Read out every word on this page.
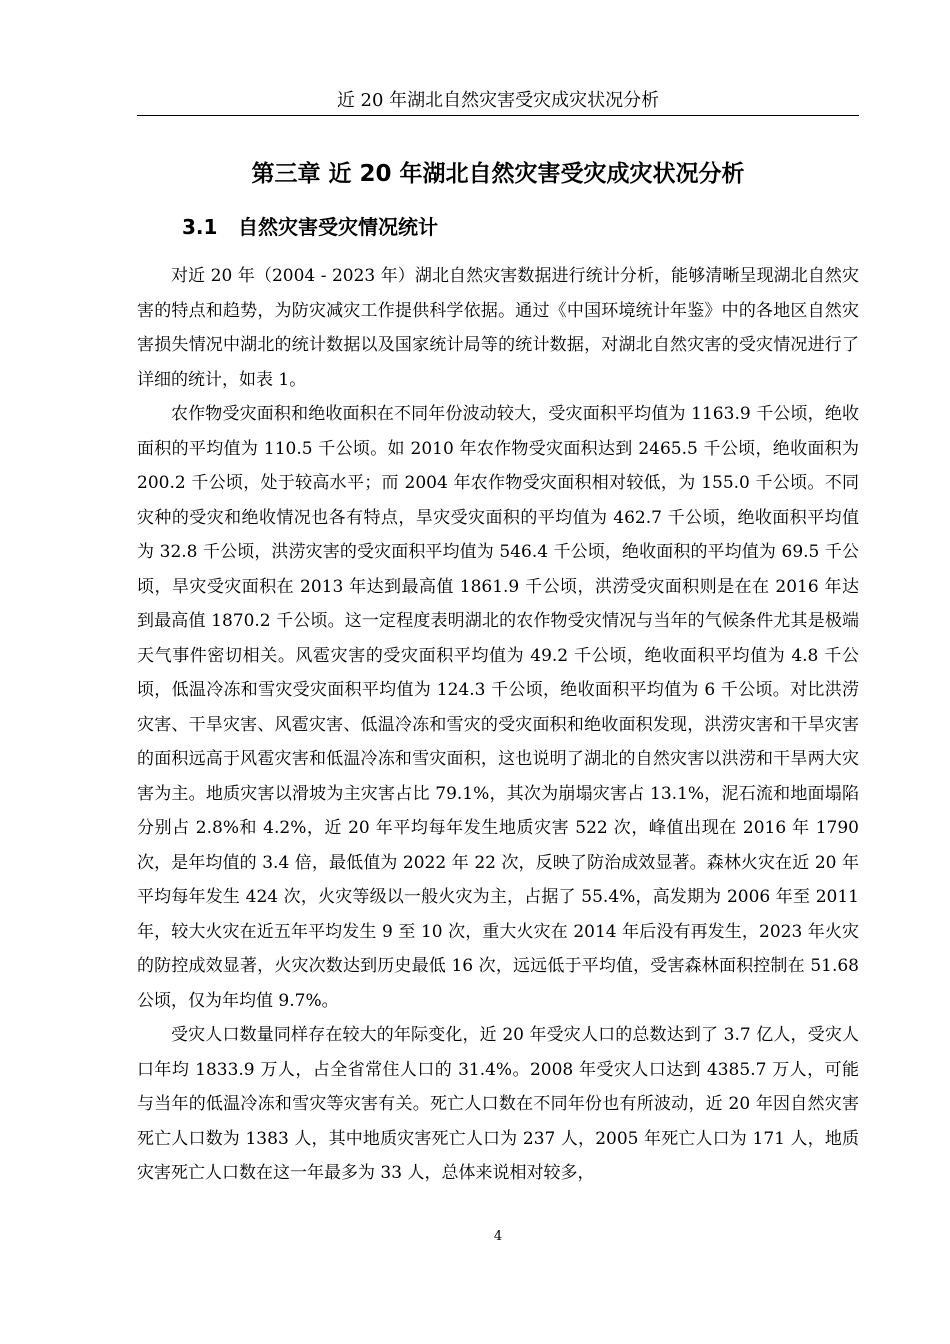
近 20 年湖北自然灾害受灾成灾状况分析
第三章 近 20 年湖北自然灾害受灾成灾状况分析
3.1 自然灾害受灾情况统计

对近 20 年（2004 - 2023 年）湖北自然灾害数据进行统计分析，能够清晰呈现湖北自然灾害的特点和趋势，为防灾减灾工作提供科学依据。通过《中国环境统计年鉴》中的各地区自然灾害损失情况中湖北的统计数据以及国家统计局等的统计数据，对湖北自然灾害的受灾情况进行了详细的统计，如表 1。

农作物受灾面积和绝收面积在不同年份波动较大，受灾面积平均值为 1163.9 千公顷，绝收面积的平均值为 110.5 千公顷。如 2010 年农作物受灾面积达到 2465.5 千公顷，绝收面积为 200.2 千公顷，处于较高水平；而 2004 年农作物受灾面积相对较低，为 155.0 千公顷。不同灾种的受灾和绝收情况也各有特点，旱灾受灾面积的平均值为 462.7 千公顷，绝收面积平均值为 32.8 千公顷，洪涝灾害的受灾面积平均值为 546.4 千公顷，绝收面积的平均值为 69.5 千公顷，旱灾受灾面积在 2013 年达到最高值 1861.9 千公顷，洪涝受灾面积则是在在 2016 年达到最高值 1870.2 千公顷。这一定程度表明湖北的农作物受灾情况与当年的气候条件尤其是极端天气事件密切相关。风雹灾害的受灾面积平均值为 49.2 千公顷，绝收面积平均值为 4.8 千公顷，低温冷冻和雪灾受灾面积平均值为 124.3 千公顷，绝收面积平均值为 6 千公顷。对比洪涝灾害、干旱灾害、风雹灾害、低温冷冻和雪灾的受灾面积和绝收面积发现，洪涝灾害和干旱灾害的面积远高于风雹灾害和低温冷冻和雪灾面积，这也说明了湖北的自然灾害以洪涝和干旱两大灾害为主。地质灾害以滑坡为主灾害占比 79.1%，其次为崩塌灾害占 13.1%，泥石流和地面塌陷分别占 2.8%和 4.2%，近 20 年平均每年发生地质灾害 522 次，峰值出现在 2016 年 1790 次，是年均值的 3.4 倍，最低值为 2022 年 22 次，反映了防治成效显著。森林火灾在近 20 年平均每年发生 424 次，火灾等级以一般火灾为主，占据了 55.4%，高发期为 2006 年至 2011 年，较大火灾在近五年平均发生 9 至 10 次，重大火灾在 2014 年后没有再发生，2023 年火灾的防控成效显著，火灾次数达到历史最低 16 次，远远低于平均值，受害森林面积控制在 51.68 公顷，仅为年均值 9.7%。

受灾人口数量同样存在较大的年际变化，近 20 年受灾人口的总数达到了 3.7 亿人，受灾人口年均 1833.9 万人，占全省常住人口的 31.4%。2008 年受灾人口达到 4385.7 万人，可能与当年的低温冷冻和雪灾等灾害有关。死亡人口数在不同年份也有所波动，近 20 年因自然灾害死亡人口数为 1383 人，其中地质灾害死亡人口为 237 人，2005 年死亡人口为 171 人，地质灾害死亡人口数在这一年最多为 33 人，总体来说相对较多，

4
